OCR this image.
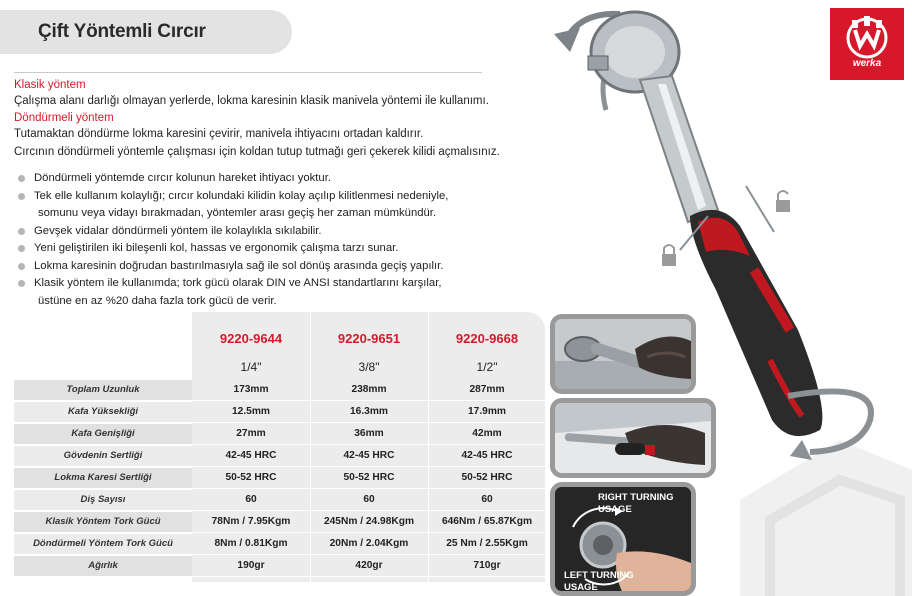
Çift Yöntemli Cırcır
Klasik yöntem
Çalışma alanı darlığı olmayan yerlerde, lokma karesinin klasik manivela yöntemi ile kullanımı.
Döndürmeli yöntem
Tutamaktan döndürme lokma karesini çevirir, manivela ihtiyacını ortadan kaldırır.
Cırcının döndürmeli yöntemle çalışması için koldan tutup tutmağı geri çekerek kilidi açmalısınız.
Döndürmeli yöntemde cırcır kolunun hareket ihtiyacı yoktur.
Tek elle kullanım kolaylığı; cırcır kolundaki kilidin kolay açılıp kilitlenmesi nedeniyle,
somunu veya vidayı bırakmadan, yöntemler arası geçiş her zaman mümkündür.
Gevşek vidalar döndürmeli yöntem ile kolaylıkla sıkılabilir.
Yeni geliştirilen iki bileşenli kol, hassas ve ergonomik çalışma tarzı sunar.
Lokma karesinin doğrudan bastırılmasıyla sağ ile sol dönüş arasında geçiş yapılır.
Klasik yöntem ile kullanımda; tork gücü olarak DIN ve ANSI standartlarını karşılar,
üstüne en az %20 daha fazla tork gücü de verir.
9220-9644	9220-9651	9220-9668
1/4"	3/8"	1/2"
Toplam Uzunluk	173mm	238mm	287mm
Kafa Yüksekliği	12.5mm	16.3mm	17.9mm
Kafa Genişliği	27mm	36mm	42mm
Gövdenin Sertliği	42-45 HRC	42-45 HRC	42-45 HRC
Lokma Karesi Sertliği	50-52 HRC	50-52 HRC	50-52 HRC
Diş Sayısı	60	60	60
Klasik Yöntem Tork Gücü	78Nm / 7.95Kgm	245Nm / 24.98Kgm	646Nm / 65.87Kgm
Döndürmeli Yöntem Tork Gücü	8Nm / 0.81Kgm	20Nm / 2.04Kgm	25 Nm / 2.55Kgm
Ağırlık	190gr	420gr	710gr
RIGHT TURNING
USAGE
LEFT TURNING
USAGE
werka
